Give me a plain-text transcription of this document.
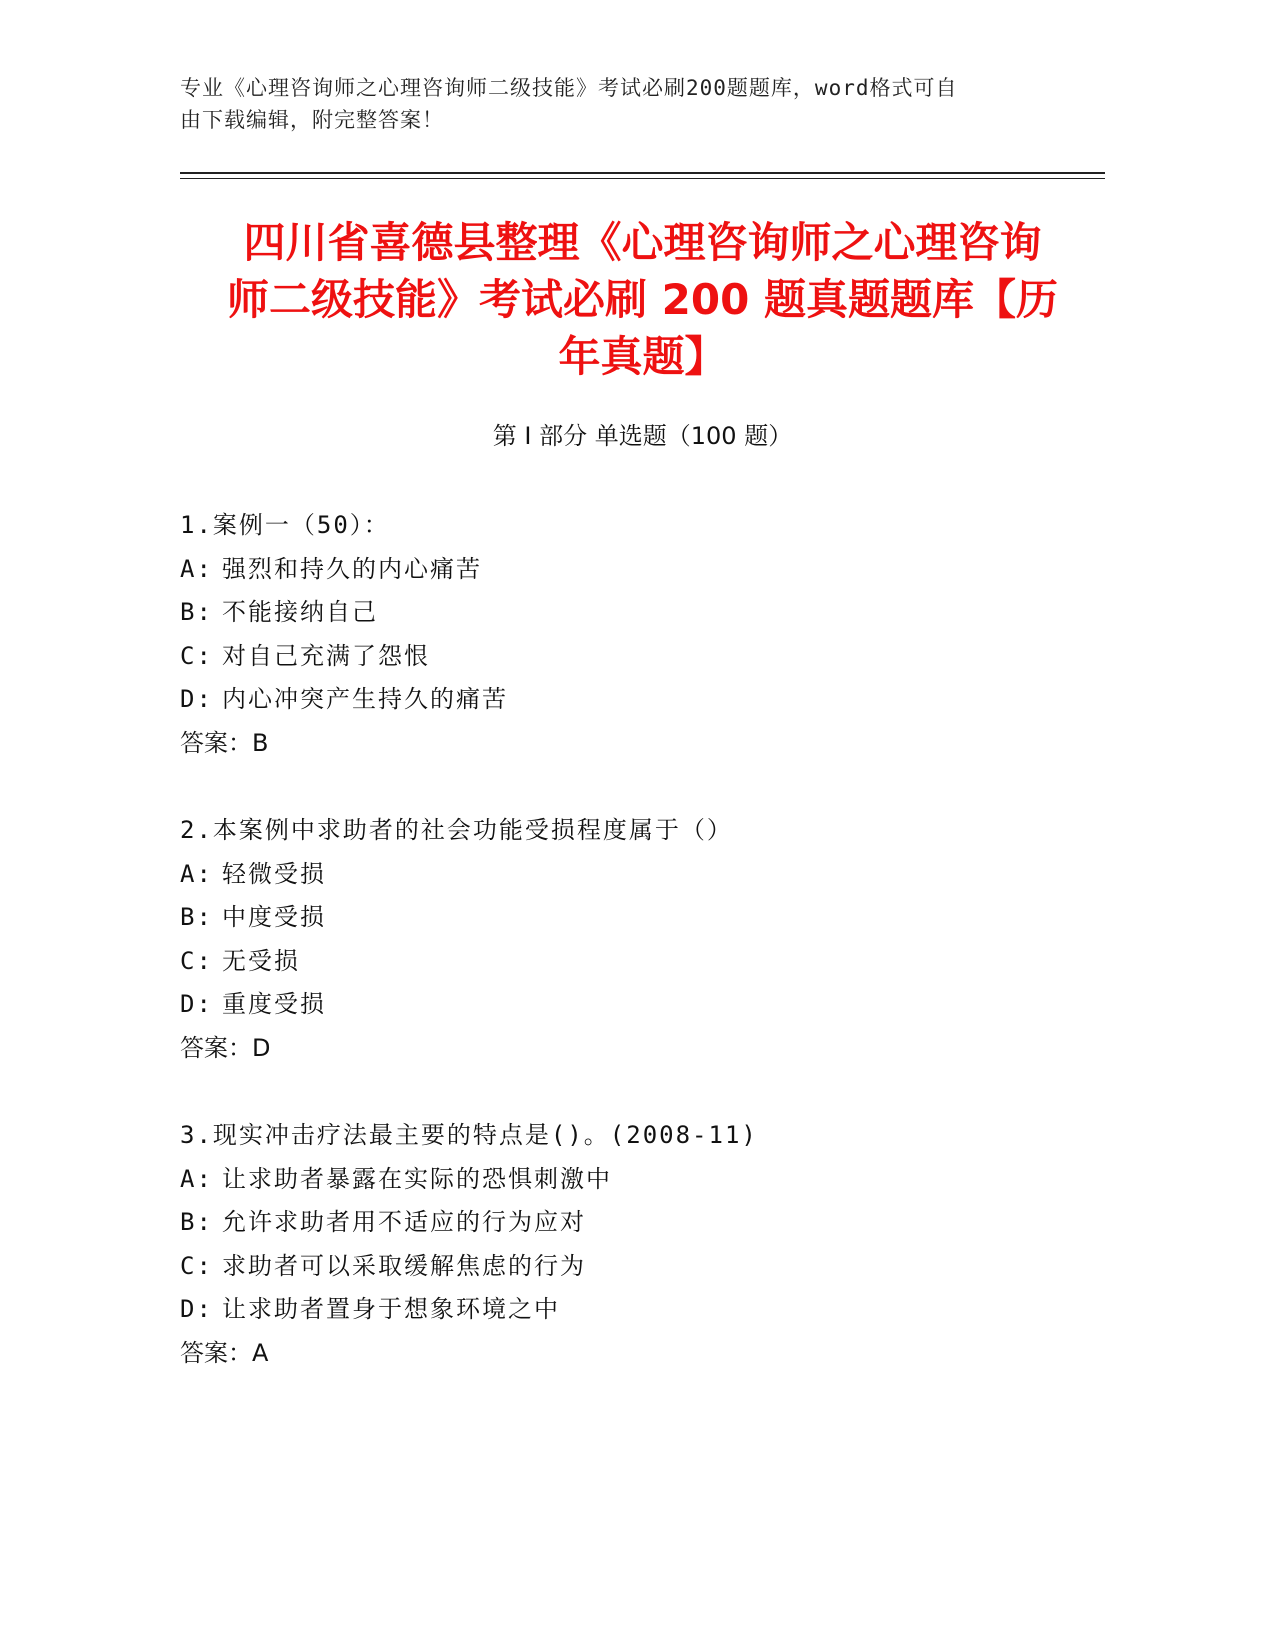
专业《心理咨询师之心理咨询师二级技能》考试必刷200题题库，word格式可自
由下载编辑，附完整答案！
四川省喜德县整理《心理咨询师之心理咨询
师二级技能》考试必刷 200 题真题题库【历
年真题】
第 I 部分 单选题（100 题）
1.案例一（50）：
A: 强烈和持久的内心痛苦
B: 不能接纳自己
C: 对自己充满了怨恨
D: 内心冲突产生持久的痛苦
答案：B
2.本案例中求助者的社会功能受损程度属于（）
A: 轻微受损
B: 中度受损
C: 无受损
D: 重度受损
答案：D
3.现实冲击疗法最主要的特点是()。(2008-11)
A: 让求助者暴露在实际的恐惧刺激中
B: 允许求助者用不适应的行为应对
C: 求助者可以采取缓解焦虑的行为
D: 让求助者置身于想象环境之中
答案：A
